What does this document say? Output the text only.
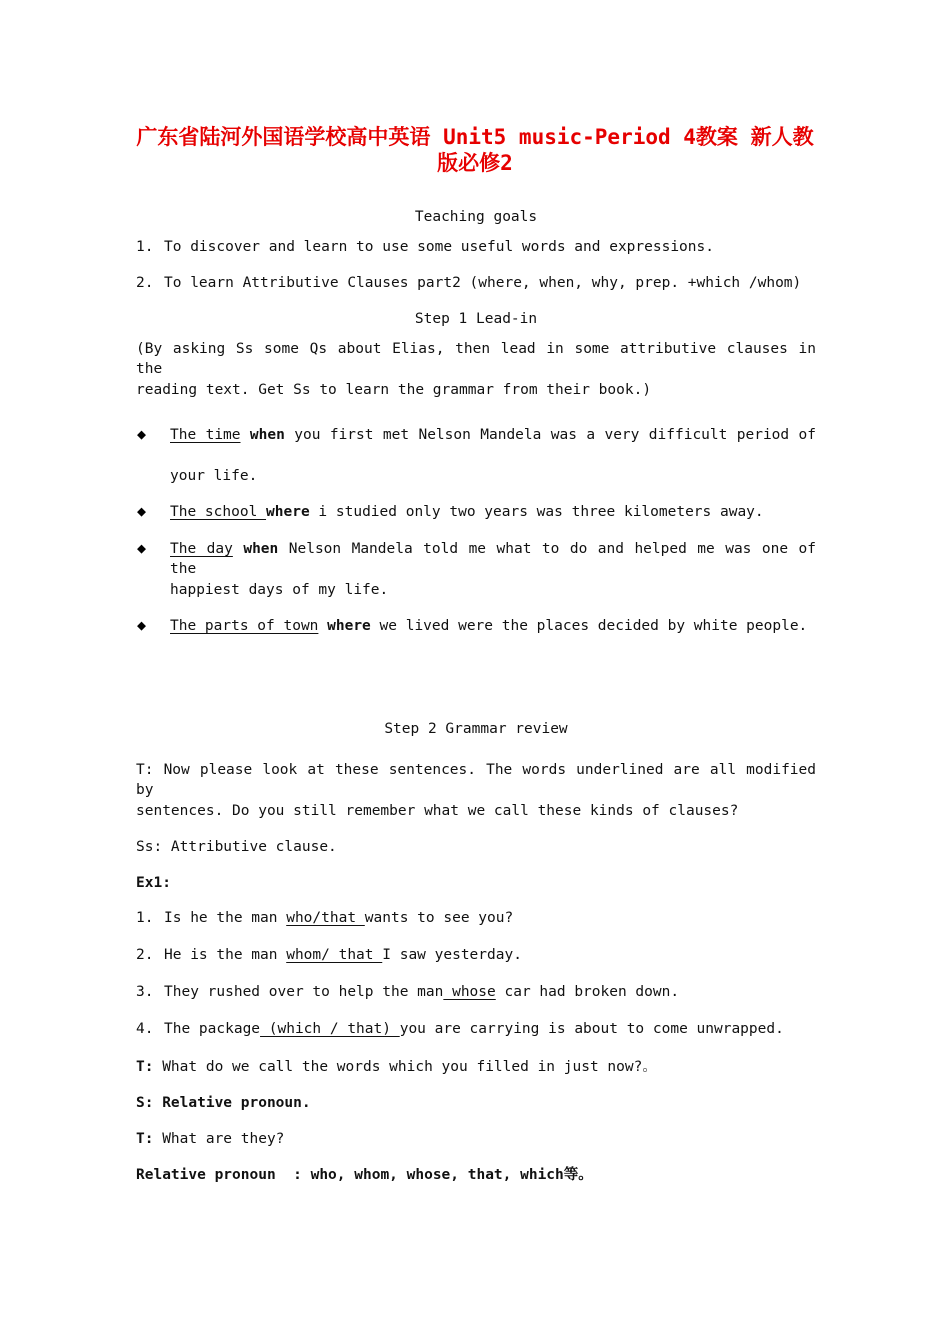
广东省陆河外国语学校高中英语 Unit5 music-Period 4教案 新人教
版必修2
Teaching goals
1. To discover and learn to use some useful words and expressions.
2. To learn Attributive Clauses part2 (where, when, why, prep. +which /whom)
Step 1 Lead-in
(By asking Ss some Qs about Elias, then lead in some attributive clauses in the
reading text. Get Ss to learn the grammar from their book.)
◆	The time when you first met Nelson Mandela was a very difficult period of
your life.
◆	The school where i studied only two years was three kilometers away.
◆	The day when Nelson Mandela told me what to do and helped me was one of the
happiest days of my life.
◆	The parts of town where we lived were the places decided by white people.
Step 2 Grammar review
T: Now please look at these sentences. The words underlined are all modified by
sentences. Do you still remember what we call these kinds of clauses?
Ss: Attributive clause.
Ex1:
1. Is he the man who/that wants to see you?
2. He is the man whom/ that I saw yesterday.
3. They rushed over to help the man whose car had broken down.
4. The package (which / that) you are carrying is about to come unwrapped.
T: What do we call the words which you filled in just now?。
S: Relative pronoun.
T: What are they?
Relative pronoun  : who, whom, whose, that, which等。
